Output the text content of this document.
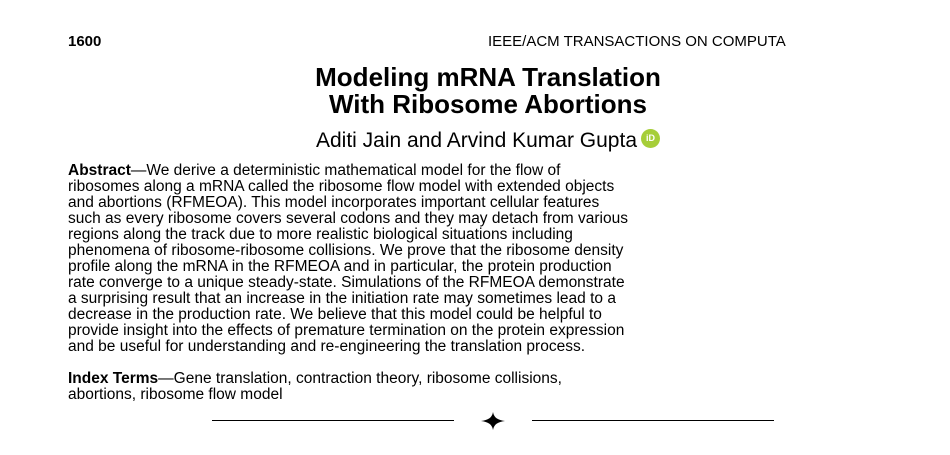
1600	IEEE/ACM TRANSACTIONS ON COMPUTA
Modeling mRNA Translation
With Ribosome Abortions
Aditi Jain and Arvind Kumar Gupta iD
Abstract—We derive a deterministic mathematical model for the flow of
ribosomes along a mRNA called the ribosome flow model with extended objects
and abortions (RFMEOA). This model incorporates important cellular features
such as every ribosome covers several codons and they may detach from various
regions along the track due to more realistic biological situations including
phenomena of ribosome-ribosome collisions. We prove that the ribosome density
profile along the mRNA in the RFMEOA and in particular, the protein production
rate converge to a unique steady-state. Simulations of the RFMEOA demonstrate
a surprising result that an increase in the initiation rate may sometimes lead to a
decrease in the production rate. We believe that this model could be helpful to
provide insight into the effects of premature termination on the protein expression
and be useful for understanding and re-engineering the translation process.
Index Terms—Gene translation, contraction theory, ribosome collisions,
abortions, ribosome flow model
